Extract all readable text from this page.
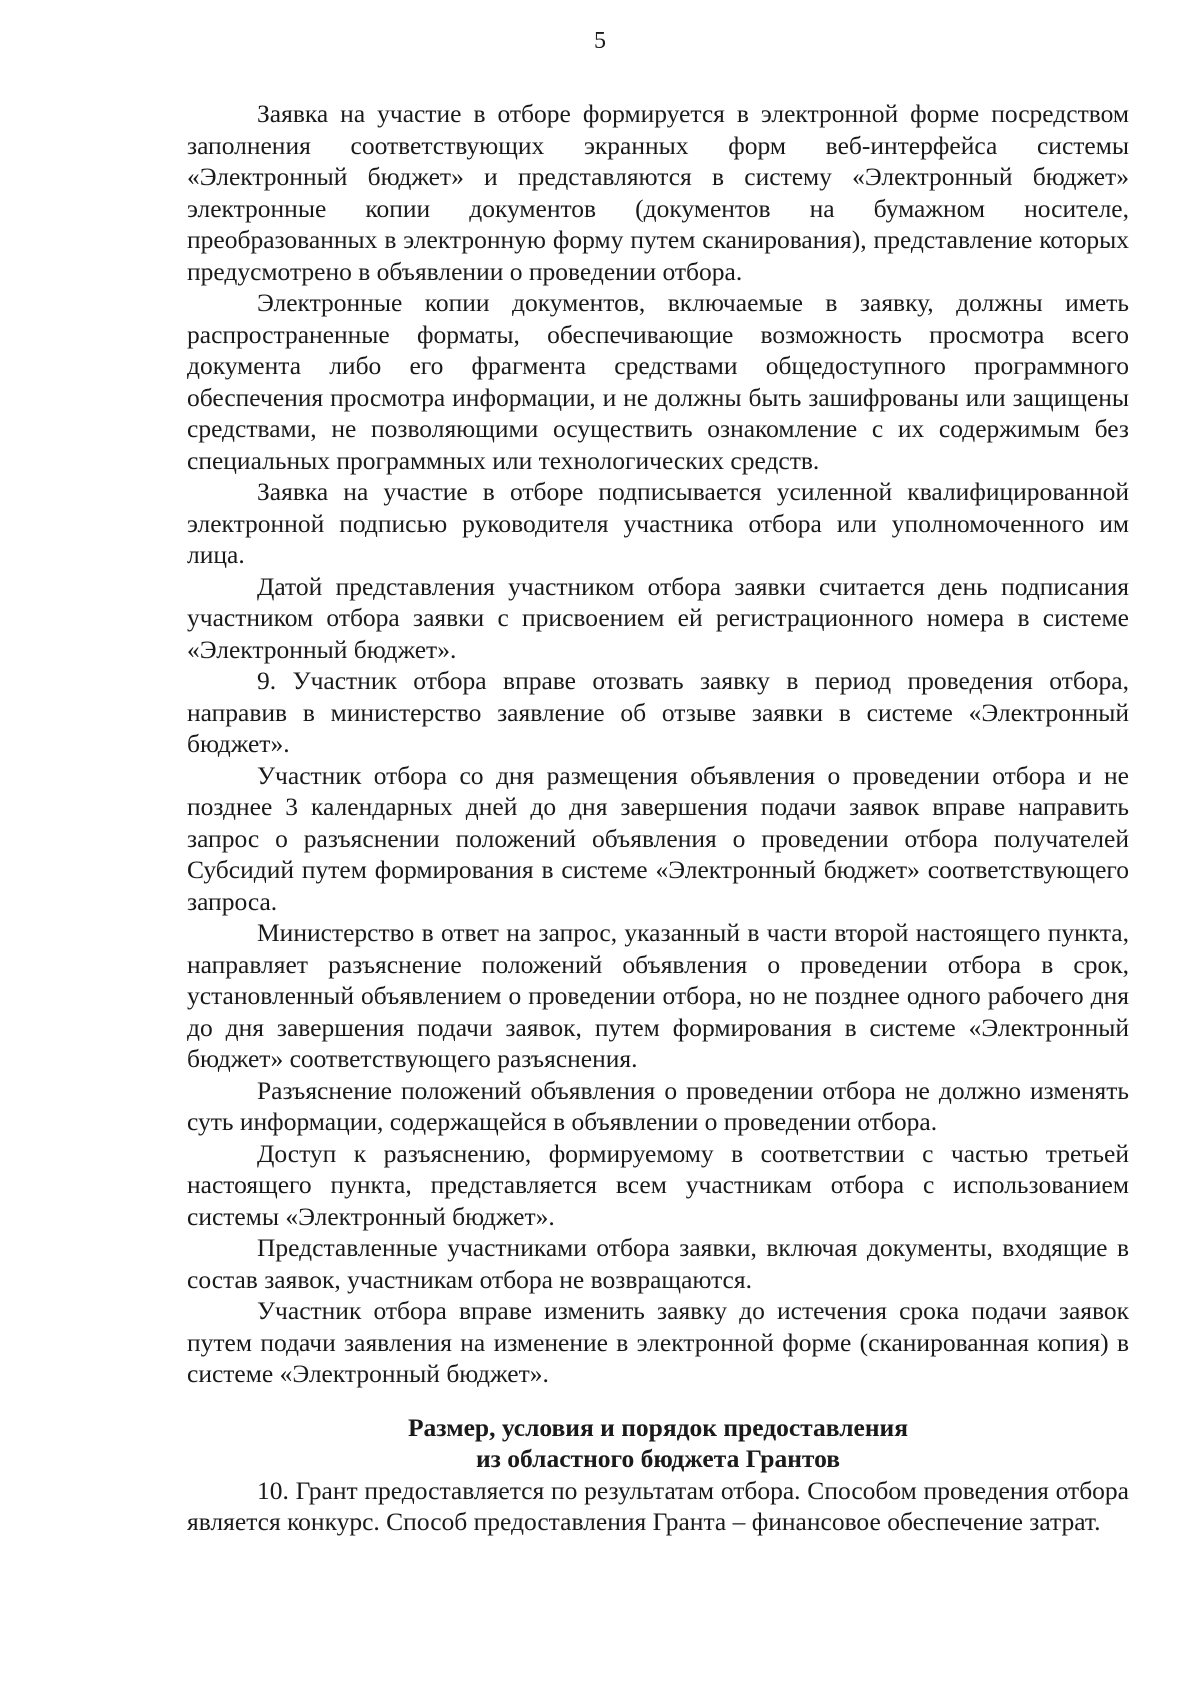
5

Заявка на участие в отборе формируется в электронной форме посредством заполнения соответствующих экранных форм веб-интерфейса системы «Электронный бюджет» и представляются в систему «Электронный бюджет» электронные копии документов (документов на бумажном носителе, преобразованных в электронную форму путем сканирования), представление которых предусмотрено в объявлении о проведении отбора.

Электронные копии документов, включаемые в заявку, должны иметь распространенные форматы, обеспечивающие возможность просмотра всего документа либо его фрагмента средствами общедоступного программного обеспечения просмотра информации, и не должны быть зашифрованы или защищены средствами, не позволяющими осуществить ознакомление с их содержимым без специальных программных или технологических средств.

Заявка на участие в отборе подписывается усиленной квалифицированной электронной подписью руководителя участника отбора или уполномоченного им лица.

Датой представления участником отбора заявки считается день подписания участником отбора заявки с присвоением ей регистрационного номера в системе «Электронный бюджет».

9. Участник отбора вправе отозвать заявку в период проведения отбора, направив в министерство заявление об отзыве заявки в системе «Электронный бюджет».

Участник отбора со дня размещения объявления о проведении отбора и не позднее 3 календарных дней до дня завершения подачи заявок вправе направить запрос о разъяснении положений объявления о проведении отбора получателей Субсидий путем формирования в системе «Электронный бюджет» соответствующего запроса.

Министерство в ответ на запрос, указанный в части второй настоящего пункта, направляет разъяснение положений объявления о проведении отбора в срок, установленный объявлением о проведении отбора, но не позднее одного рабочего дня до дня завершения подачи заявок, путем формирования в системе «Электронный бюджет» соответствующего разъяснения.

Разъяснение положений объявления о проведении отбора не должно изменять суть информации, содержащейся в объявлении о проведении отбора.

Доступ к разъяснению, формируемому в соответствии с частью третьей настоящего пункта, представляется всем участникам отбора с использованием системы «Электронный бюджет».

Представленные участниками отбора заявки, включая документы, входящие в состав заявок, участникам отбора не возвращаются.

Участник отбора вправе изменить заявку до истечения срока подачи заявок путем подачи заявления на изменение в электронной форме (сканированная копия) в системе «Электронный бюджет».

Размер, условия и порядок предоставления
из областного бюджета Грантов

10. Грант предоставляется по результатам отбора. Способом проведения отбора является конкурс. Способ предоставления Гранта – финансовое обеспечение затрат.
